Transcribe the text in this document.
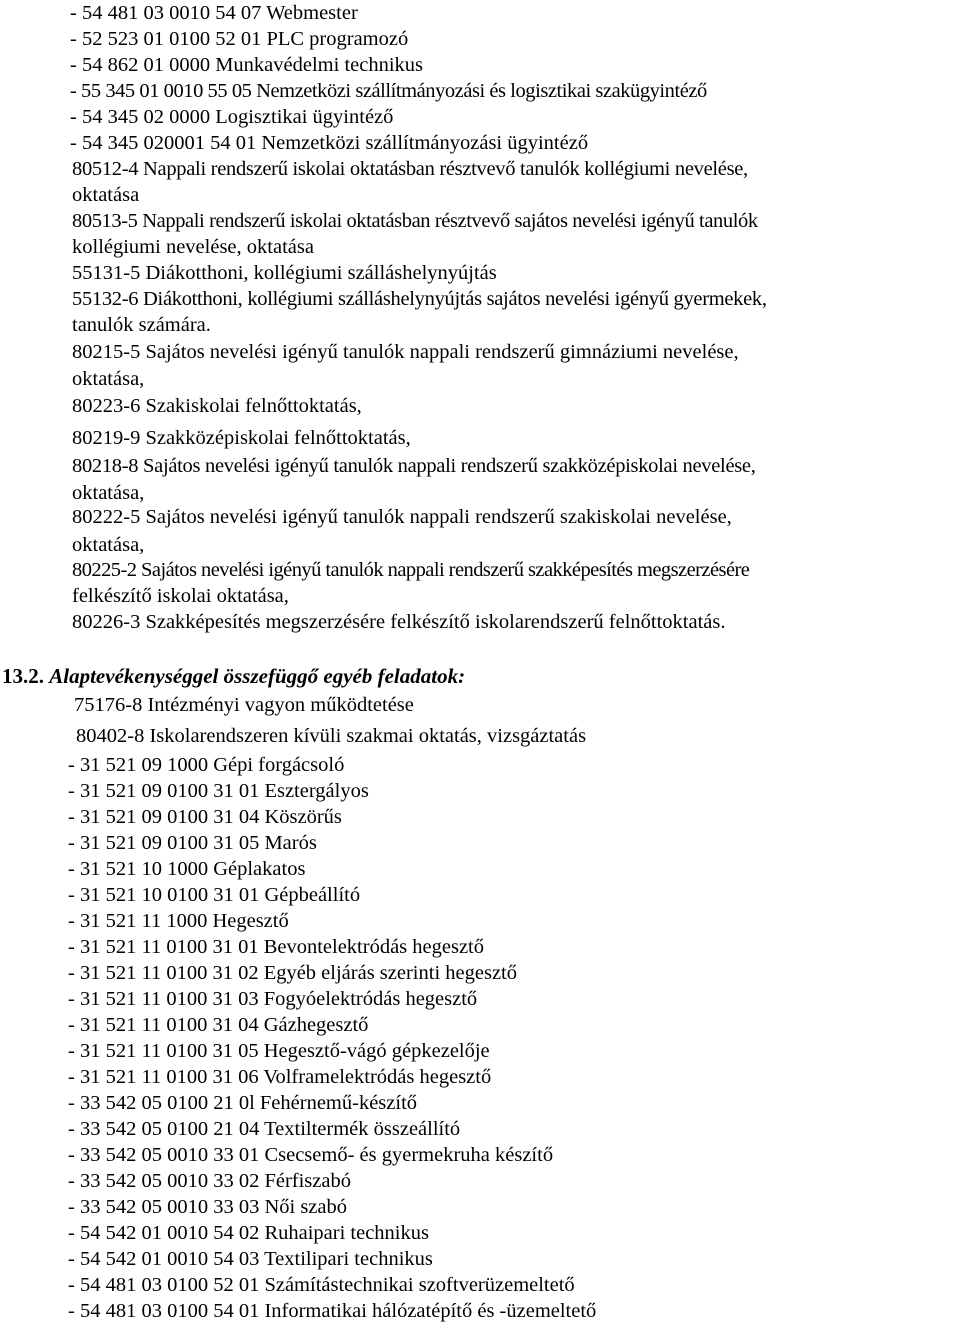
- 54 481 03 0010 54 07 Webmester
- 52 523 01 0100 52 01 PLC programozó
- 54 862 01 0000 Munkavédelmi technikus
- 55 345 01 0010 55 05 Nemzetközi szállítmányozási és logisztikai szakügyintéző
- 54 345 02 0000 Logisztikai ügyintéző
- 54 345 020001 54 01 Nemzetközi szállítmányozási ügyintéző
80512-4 Nappali rendszerű iskolai oktatásban résztvevő tanulók kollégiumi nevelése,
oktatása
80513-5 Nappali rendszerű iskolai oktatásban résztvevő sajátos nevelési igényű tanulók
kollégiumi nevelése, oktatása
55131-5 Diákotthoni, kollégiumi szálláshelynyújtás
55132-6 Diákotthoni, kollégiumi szálláshelynyújtás sajátos nevelési igényű gyermekek,
tanulók számára.
80215-5 Sajátos nevelési igényű tanulók nappali rendszerű gimnáziumi nevelése,
oktatása,
80223-6 Szakiskolai felnőttoktatás,
80219-9 Szakközépiskolai felnőttoktatás,
80218-8 Sajátos nevelési igényű tanulók nappali rendszerű szakközépiskolai nevelése,
oktatása,
80222-5 Sajátos nevelési igényű tanulók nappali rendszerű szakiskolai nevelése,
oktatása,
80225-2 Sajátos nevelési igényű tanulók nappali rendszerű szakképesítés megszerzésére
felkészítő iskolai oktatása,
80226-3 Szakképesítés megszerzésére felkészítő iskolarendszerű felnőttoktatás.
13.2. Alaptevékenységgel összefüggő egyéb feladatok:
75176-8 Intézményi vagyon működtetése
80402-8 Iskolarendszeren kívüli szakmai oktatás, vizsgáztatás
- 31 521 09 1000 Gépi forgácsoló
- 31 521 09 0100 31 01 Esztergályos
- 31 521 09 0100 31 04 Köszörűs
- 31 521 09 0100 31 05 Marós
- 31 521 10 1000 Géplakatos
- 31 521 10 0100 31 01 Gépbeállító
- 31 521 11 1000 Hegesztő
- 31 521 11 0100 31 01 Bevontelektródás hegesztő
- 31 521 11 0100 31 02 Egyéb eljárás szerinti hegesztő
- 31 521 11 0100 31 03 Fogyóelektródás hegesztő
- 31 521 11 0100 31 04 Gázhegesztő
- 31 521 11 0100 31 05 Hegesztő-vágó gépkezelője
- 31 521 11 0100 31 06 Volframelektródás hegesztő
- 33 542 05 0100 21 0l Fehérnemű-készítő
- 33 542 05 0100 21 04 Textiltermék összeállító
- 33 542 05 0010 33 01 Csecsemő- és gyermekruha készítő
- 33 542 05 0010 33 02 Férfiszabó
- 33 542 05 0010 33 03 Női szabó
- 54 542 01 0010 54 02 Ruhaipari technikus
- 54 542 01 0010 54 03 Textilipari technikus
- 54 481 03 0100 52 01 Számítástechnikai szoftverüzemeltető
- 54 481 03 0100 54 01 Informatikai hálózatépítő és -üzemeltető
